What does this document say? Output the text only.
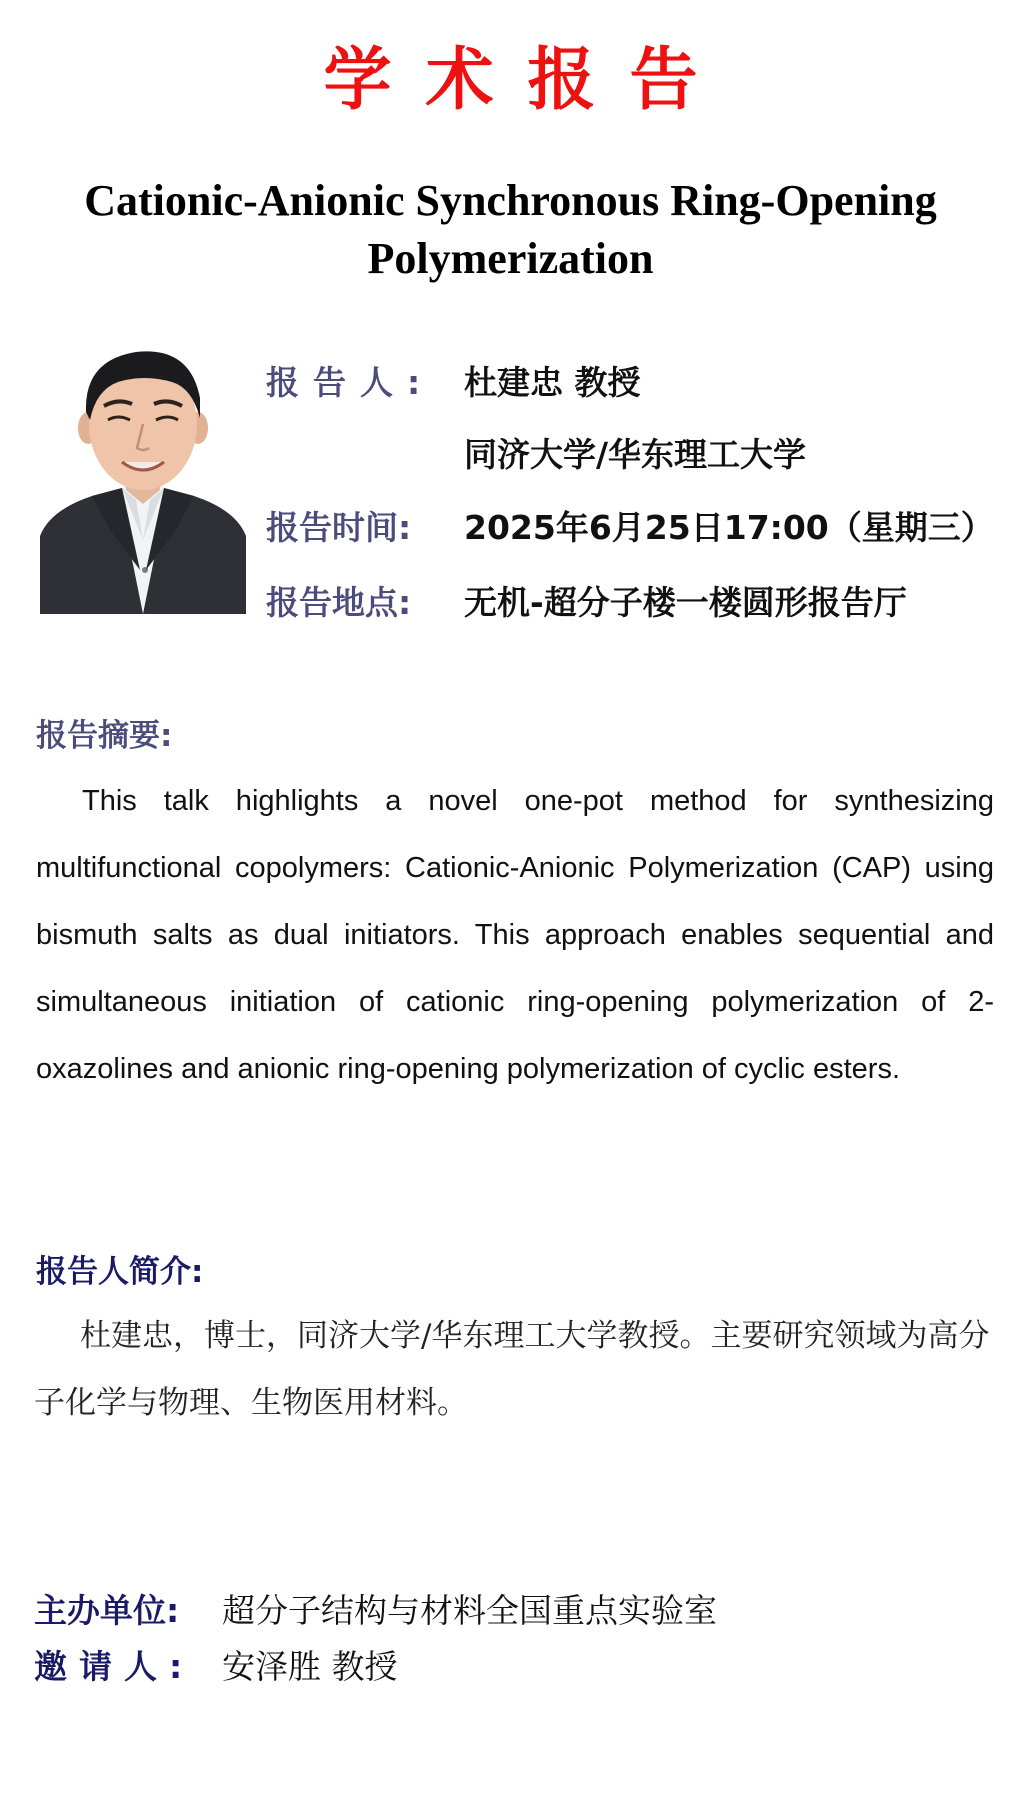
学术报告
Cationic-Anionic Synchronous Ring-Opening Polymerization
报告人: 杜建忠 教授
同济大学/华东理工大学
报告时间: 2025年6月25日17:00（星期三）
报告地点: 无机-超分子楼一楼圆形报告厅
报告摘要:
This talk highlights a novel one-pot method for synthesizing multifunctional copolymers: Cationic-Anionic Polymerization (CAP) using bismuth salts as dual initiators. This approach enables sequential and simultaneous initiation of cationic ring-opening polymerization of 2-oxazolines and anionic ring-opening polymerization of cyclic esters.
报告人简介:
杜建忠，博士，同济大学/华东理工大学教授。主要研究领域为高分子化学与物理、生物医用材料。
主办单位: 超分子结构与材料全国重点实验室
邀请人: 安泽胜 教授
